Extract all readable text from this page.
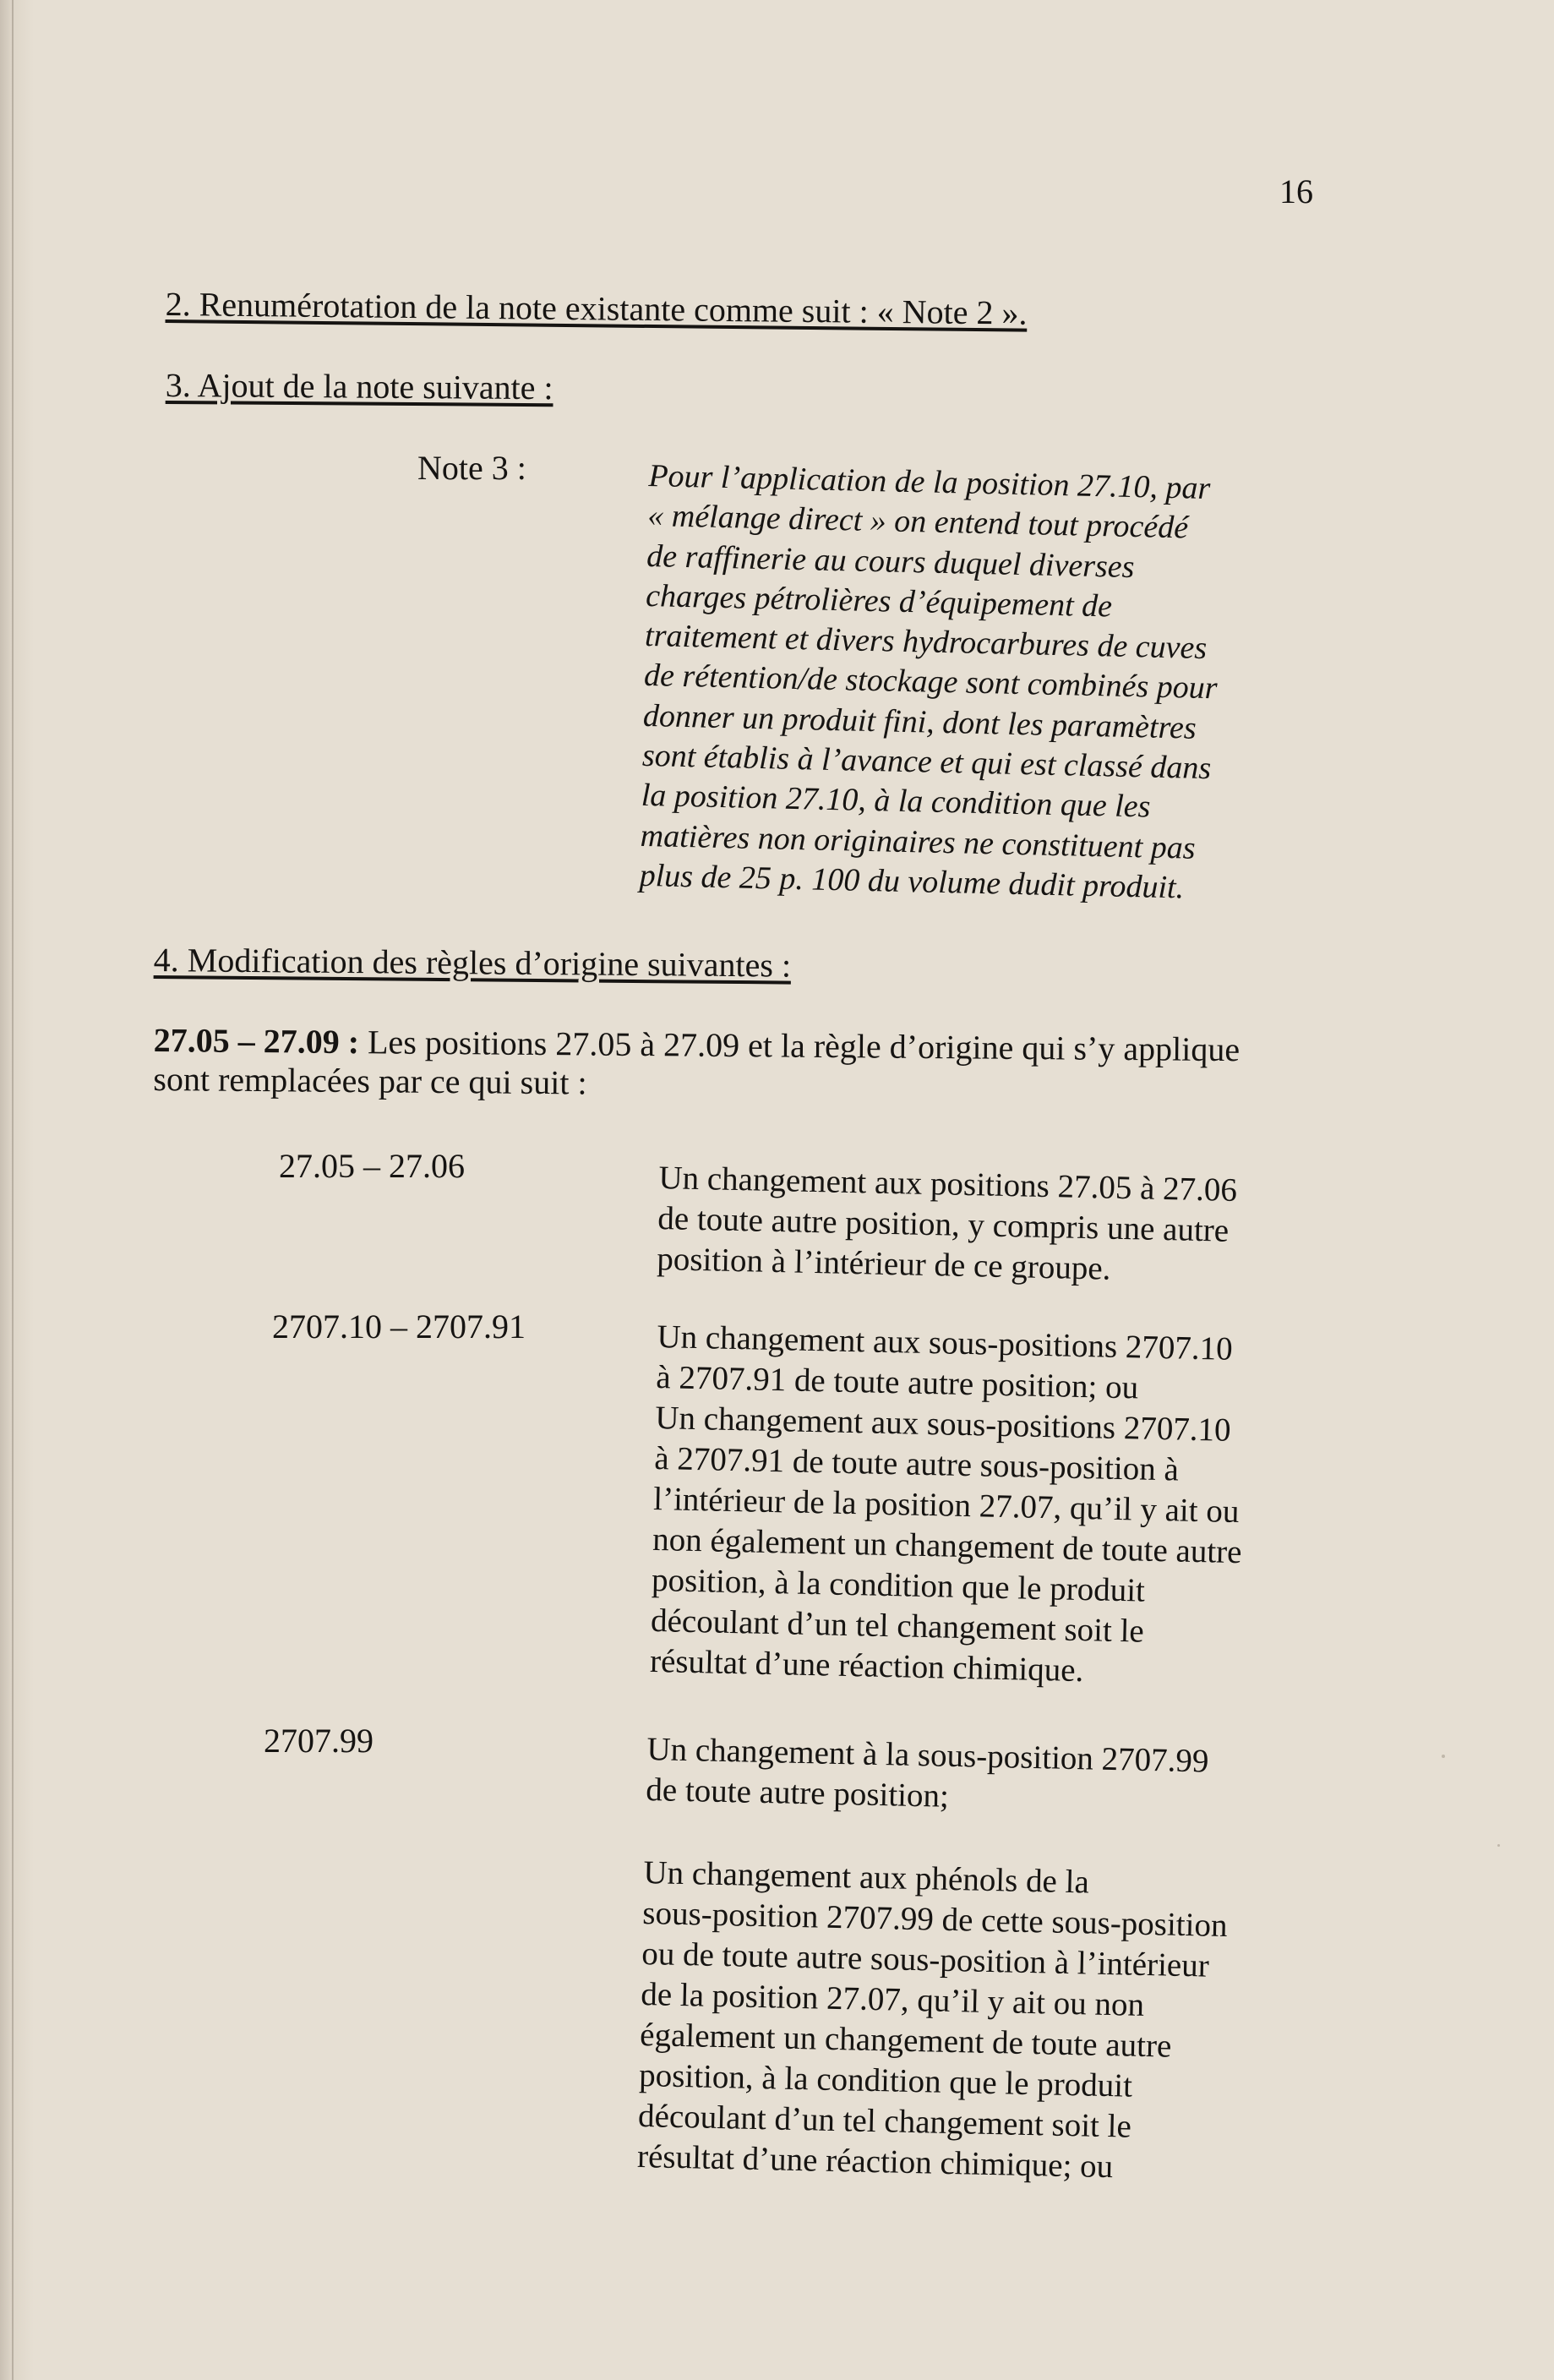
16
2. Renumérotation de la note existante comme suit : « Note 2 ».
3. Ajout de la note suivante :
Note 3 :	Pour l’application de la position 27.10, par
« mélange direct » on entend tout procédé
de raffinerie au cours duquel diverses
charges pétrolières d’équipement de
traitement et divers hydrocarbures de cuves
de rétention/de stockage sont combinés pour
donner un produit fini, dont les paramètres
sont établis à l’avance et qui est classé dans
la position 27.10, à la condition que les
matières non originaires ne constituent pas
plus de 25 p. 100 du volume dudit produit.
4. Modification des règles d’origine suivantes :
27.05 – 27.09 : Les positions 27.05 à 27.09 et la règle d’origine qui s’y applique
sont remplacées par ce qui suit :
27.05 – 27.06	Un changement aux positions 27.05 à 27.06
de toute autre position, y compris une autre
position à l’intérieur de ce groupe.
2707.10 – 2707.91	Un changement aux sous-positions 2707.10
à 2707.91 de toute autre position; ou
Un changement aux sous-positions 2707.10
à 2707.91 de toute autre sous-position à
l’intérieur de la position 27.07, qu’il y ait ou
non également un changement de toute autre
position, à la condition que le produit
découlant d’un tel changement soit le
résultat d’une réaction chimique.
2707.99	Un changement à la sous-position 2707.99
de toute autre position;
Un changement aux phénols de la
sous-position 2707.99 de cette sous-position
ou de toute autre sous-position à l’intérieur
de la position 27.07, qu’il y ait ou non
également un changement de toute autre
position, à la condition que le produit
découlant d’un tel changement soit le
résultat d’une réaction chimique; ou
